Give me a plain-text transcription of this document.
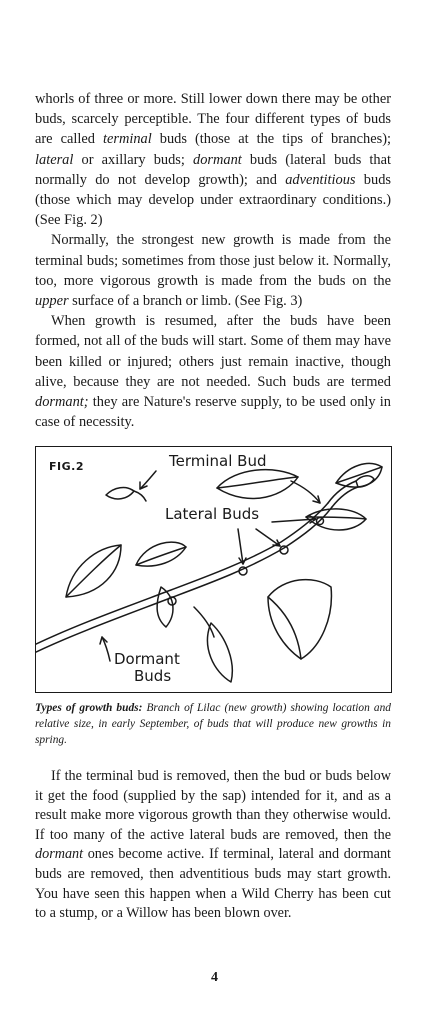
whorls of three or more. Still lower down there may be other buds, scarcely perceptible. The four different types of buds are called terminal buds (those at the tips of branches); lateral or axillary buds; dormant buds (lateral buds that normally do not develop growth); and adventitious buds (those which may develop under extraordinary conditions.) (See Fig. 2)

Normally, the strongest new growth is made from the terminal buds; sometimes from those just below it. Normally, too, more vigorous growth is made from the buds on the upper surface of a branch or limb. (See Fig. 3)

When growth is resumed, after the buds have been formed, not all of the buds will start. Some of them may have been killed or injured; others just remain inactive, though alive, because they are not needed. Such buds are termed dormant; they are Nature's reserve supply, to be used only in case of necessity.

FIG.2	Terminal Bud
Lateral Buds
Dormant
Buds
Types of growth buds: Branch of Lilac (new growth) showing location and relative size, in early September, of buds that will produce new growths in spring.

If the terminal bud is removed, then the bud or buds below it get the food (supplied by the sap) intended for it, and as a result make more vigorous growth than they otherwise would. If too many of the active lateral buds are removed, then the dormant ones become active. If terminal, lateral and dormant buds are removed, then adventitious buds may start growth. You have seen this happen when a Wild Cherry has been cut to a stump, or a Willow has been blown over.

4
